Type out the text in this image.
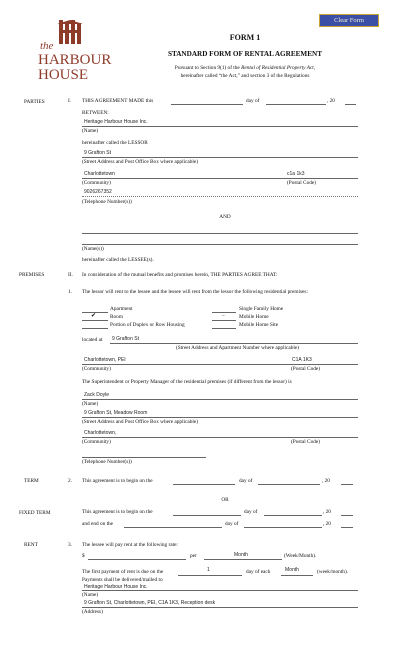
the
HARBOUR
HOUSE
Clear Form
FORM 1
STANDARD FORM OF RENTAL AGREEMENT
Pursuant to Section 9(1) of the Rental of Residential Property Act,
hereinafter called “the Act,” and section 3 of the Regulations
PARTIES	I. THIS AGREEMENT MADE this	day of	, 20
BETWEEN:
Heritage Harbour House Inc.
(Name)
hereinafter called the LESSOR
9 Grafton St
(Street Address and Post Office Box where applicable)
Charlottetown	c1a 1k3
(Community)	(Postal Code)
9026267352
(Telephone Number(s))
AND
(Name(s))
hereinafter called the LESSEE(s).
PREMISES	II. In consideration of the mutual benefits and promises herein, THE PARTIES AGREE THAT:
1. The lessor will rent to the lessee and the lessee will rent from the lessor the following residential premises:
Apartment
✔	Room
Portion of Duplex or Row Housing
Single Family Home
–	Mobile Home
Mobile Home Site
located at 9 Grafton St
(Street Address and Apartment Number where applicable)
Charlottetown, PEI	C1A 1K3
(Community)	(Postal Code)
The Superintendent or Property Manager of the residential premises (if different from the lessor) is
Zack Doyle
(Name)
9 Grafton St, Meadow Room
(Street Address and Post Office Box where applicable)
Charlottetown,
(Community)	(Postal Code)
(Telephone Number(s))
TERM	2. This agreement is to begin on the	day of	, 20
OR
FIXED TERM	This agreement is to begin on the	day of	, 20
and end on the	day of	, 20
RENT	3. The lessee will pay rent at the following rate:
$	per	Month	(Week/Month).
The first payment of rent is due on the	1	day of each	Month	(week/month).
Payments shall be delivered/mailed to
Heritage Harbour House Inc.
(Name)
9 Grafton St, Charlottetown, PEI, C1A 1K3, Reception desk
(Address)
